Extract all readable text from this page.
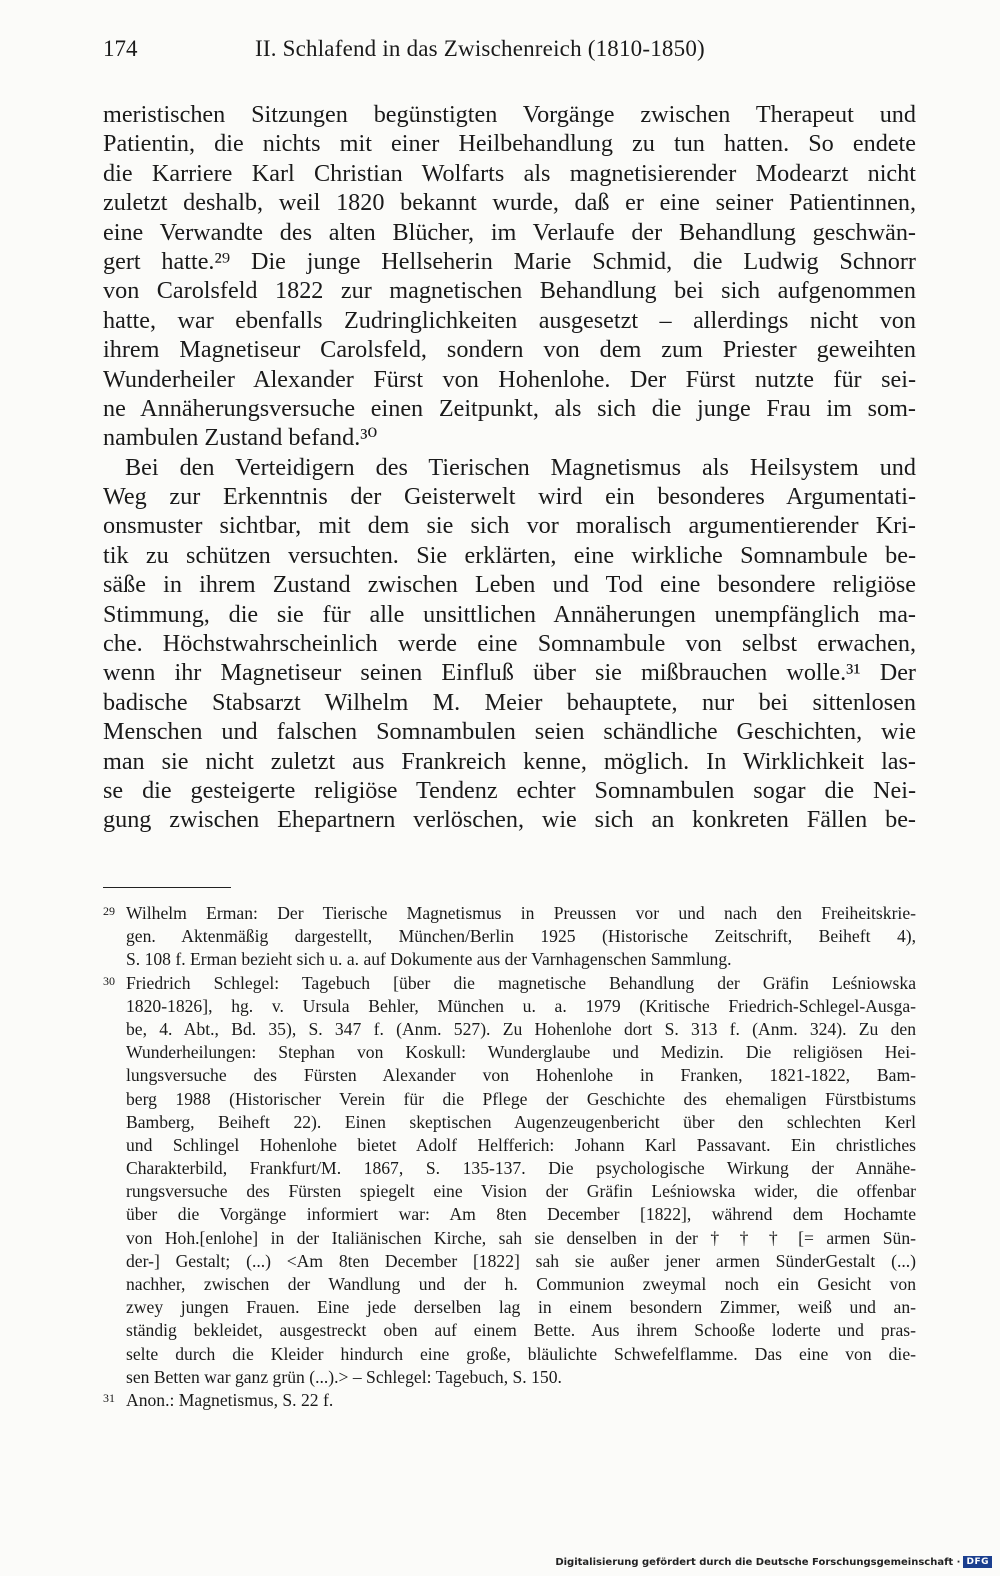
174	II. Schlafend in das Zwischenreich (1810-1850)
meristischen Sitzungen begünstigten Vorgänge zwischen Therapeut und
Patientin, die nichts mit einer Heilbehandlung zu tun hatten. So endete
die Karriere Karl Christian Wolfarts als magnetisierender Modearzt nicht
zuletzt deshalb, weil 1820 bekannt wurde, daß er eine seiner Patientinnen,
eine Verwandte des alten Blücher, im Verlaufe der Behandlung geschwän-
gert hatte.²⁹ Die junge Hellseherin Marie Schmid, die Ludwig Schnorr
von Carolsfeld 1822 zur magnetischen Behandlung bei sich aufgenommen
hatte, war ebenfalls Zudringlichkeiten ausgesetzt – allerdings nicht von
ihrem Magnetiseur Carolsfeld, sondern von dem zum Priester geweihten
Wunderheiler Alexander Fürst von Hohenlohe. Der Fürst nutzte für sei-
ne Annäherungsversuche einen Zeitpunkt, als sich die junge Frau im som-
nambulen Zustand befand.³⁰
Bei den Verteidigern des Tierischen Magnetismus als Heilsystem und
Weg zur Erkenntnis der Geisterwelt wird ein besonderes Argumentati-
onsmuster sichtbar, mit dem sie sich vor moralisch argumentierender Kri-
tik zu schützen versuchten. Sie erklärten, eine wirkliche Somnambule be-
säße in ihrem Zustand zwischen Leben und Tod eine besondere religiöse
Stimmung, die sie für alle unsittlichen Annäherungen unempfänglich ma-
che. Höchstwahrscheinlich werde eine Somnambule von selbst erwachen,
wenn ihr Magnetiseur seinen Einfluß über sie mißbrauchen wolle.³¹ Der
badische Stabsarzt Wilhelm M. Meier behauptete, nur bei sittenlosen
Menschen und falschen Somnambulen seien schändliche Geschichten, wie
man sie nicht zuletzt aus Frankreich kenne, möglich. In Wirklichkeit las-
se die gesteigerte religiöse Tendenz echter Somnambulen sogar die Nei-
gung zwischen Ehepartnern verlöschen, wie sich an konkreten Fällen be-
29 Wilhelm Erman: Der Tierische Magnetismus in Preussen vor und nach den Freiheitskrie-
gen. Aktenmäßig dargestellt, München/Berlin 1925 (Historische Zeitschrift, Beiheft 4),
S. 108 f. Erman bezieht sich u. a. auf Dokumente aus der Varnhagenschen Sammlung.
30 Friedrich Schlegel: Tagebuch [über die magnetische Behandlung der Gräfin Leśniowska
1820-1826], hg. v. Ursula Behler, München u. a. 1979 (Kritische Friedrich-Schlegel-Ausga-
be, 4. Abt., Bd. 35), S. 347 f. (Anm. 527). Zu Hohenlohe dort S. 313 f. (Anm. 324). Zu den
Wunderheilungen: Stephan von Koskull: Wunderglaube und Medizin. Die religiösen Hei-
lungsversuche des Fürsten Alexander von Hohenlohe in Franken, 1821-1822, Bam-
berg 1988 (Historischer Verein für die Pflege der Geschichte des ehemaligen Fürstbistums
Bamberg, Beiheft 22). Einen skeptischen Augenzeugenbericht über den schlechten Kerl
und Schlingel Hohenlohe bietet Adolf Helfferich: Johann Karl Passavant. Ein christliches
Charakterbild, Frankfurt/M. 1867, S. 135-137. Die psychologische Wirkung der Annähe-
rungsversuche des Fürsten spiegelt eine Vision der Gräfin Leśniowska wider, die offenbar
über die Vorgänge informiert war: Am 8ten December [1822], während dem Hochamte
von Hoh.[enlohe] in der Italiänischen Kirche, sah sie denselben in der † † † [= armen Sün-
der-] Gestalt; (...) <Am 8ten December [1822] sah sie außer jener armen SünderGestalt (...)
nachher, zwischen der Wandlung und der h. Communion zweymal noch ein Gesicht von
zwey jungen Frauen. Eine jede derselben lag in einem besondern Zimmer, weiß und an-
ständig bekleidet, ausgestreckt oben auf einem Bette. Aus ihrem Schooße loderte und pras-
selte durch die Kleider hindurch eine große, bläulichte Schwefelflamme. Das eine von die-
sen Betten war ganz grün (...).> – Schlegel: Tagebuch, S. 150.
31 Anon.: Magnetismus, S. 22 f.
Digitalisierung gefördert durch die Deutsche Forschungsgemeinschaft · DFG
